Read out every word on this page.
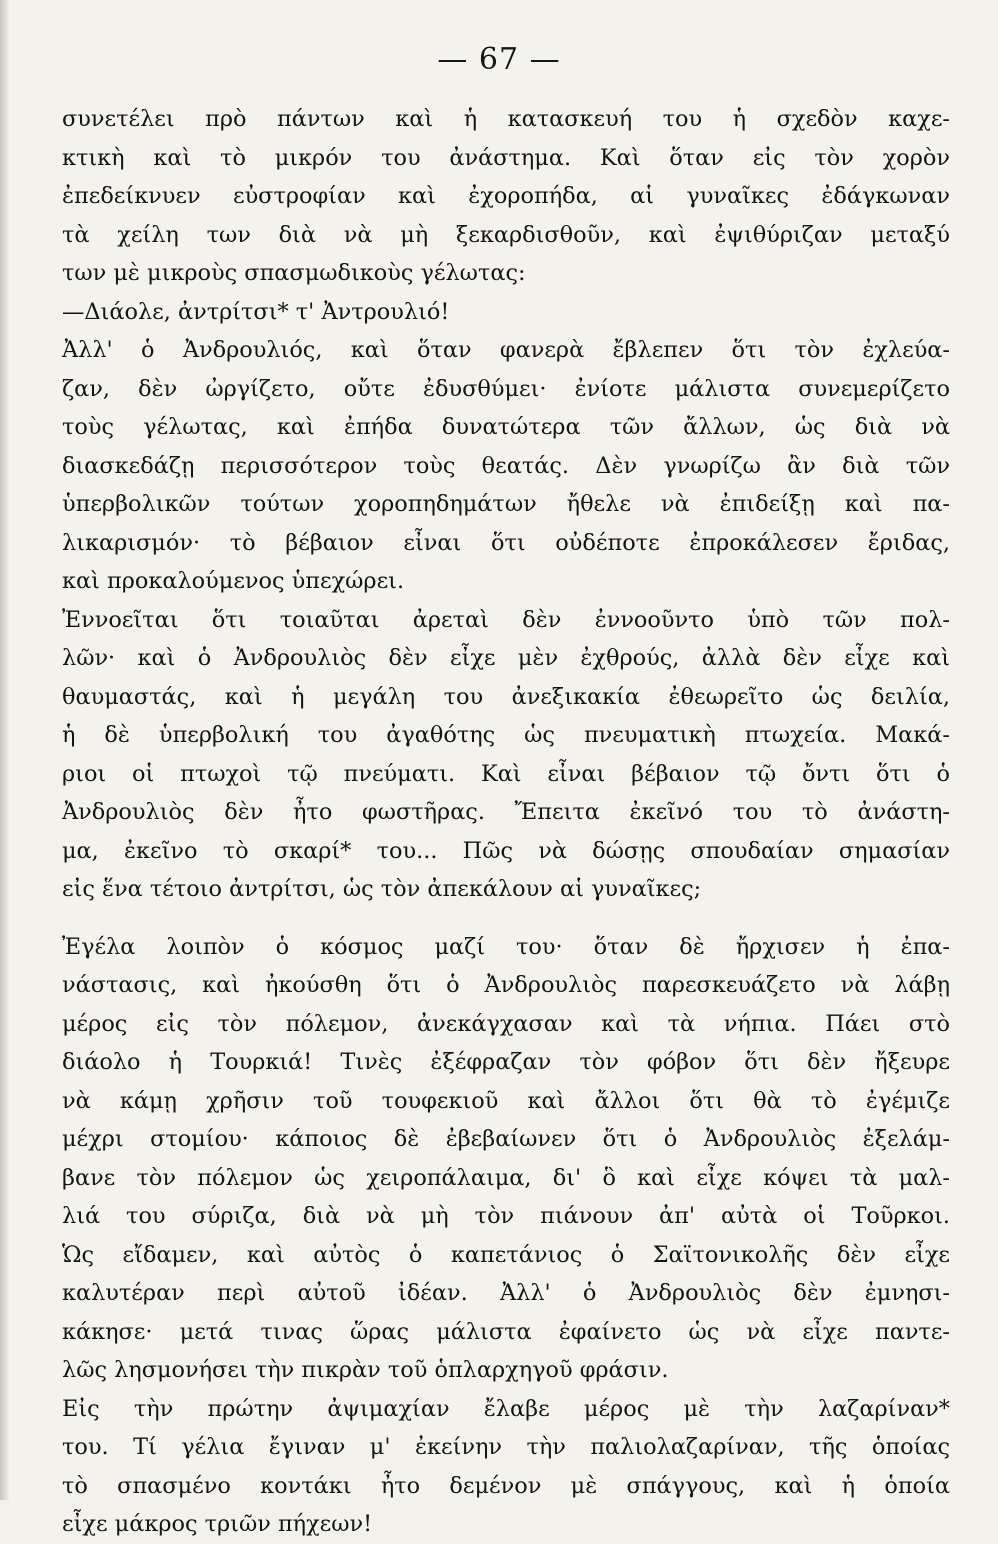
— 67 —
συνετέλει πρὸ πάντων καὶ ἡ κατασκευή του ἡ σχεδὸν καχε-
κτικὴ καὶ τὸ μικρόν του ἀνάστημα. Καὶ ὅταν εἰς τὸν χορὸν
ἐπεδείκνυεν εὐστροφίαν καὶ ἐχοροπήδα, αἱ γυναῖκες ἐδάγκωναν
τὰ χείλη των διὰ νὰ μὴ ξεκαρδισθοῦν, καὶ ἐψιθύριζαν μεταξύ
των μὲ μικροὺς σπασμωδικοὺς γέλωτας:
—Διάολε, ἀντρίτσι* τ' Ἀντρουλιό!
Ἀλλ' ὁ Ἀνδρουλιός, καὶ ὅταν φανερὰ ἔβλεπεν ὅτι τὸν ἐχλεύα-
ζαν, δὲν ὠργίζετο, οὔτε ἐδυσθύμει· ἐνίοτε μάλιστα συνεμερίζετο
τοὺς γέλωτας, καὶ ἐπήδα δυνατώτερα τῶν ἄλλων, ὡς διὰ νὰ
διασκεδάζῃ περισσότερον τοὺς θεατάς. Δὲν γνωρίζω ἂν διὰ τῶν
ὑπερβολικῶν τούτων χοροπηδημάτων ἤθελε νὰ ἐπιδείξῃ καὶ πα-
λικαρισμόν· τὸ βέβαιον εἶναι ὅτι οὐδέποτε ἐπροκάλεσεν ἔριδας,
καὶ προκαλούμενος ὑπεχώρει.
Ἐννοεῖται ὅτι τοιαῦται ἀρεταὶ δὲν ἐννοοῦντο ὑπὸ τῶν πολ-
λῶν· καὶ ὁ Ἀνδρουλιὸς δὲν εἶχε μὲν ἐχθρούς, ἀλλὰ δὲν εἶχε καὶ
θαυμαστάς, καὶ ἡ μεγάλη του ἀνεξικακία ἐθεωρεῖτο ὡς δειλία,
ἡ δὲ ὑπερβολική του ἀγαθότης ὡς πνευματικὴ πτωχεία. Μακά-
ριοι οἱ πτωχοὶ τῷ πνεύματι. Καὶ εἶναι βέβαιον τῷ ὄντι ὅτι ὁ
Ἀνδρουλιὸς δὲν ἦτο φωστῆρας. Ἔπειτα ἐκεῖνό του τὸ ἀνάστη-
μα, ἐκεῖνο τὸ σκαρί* του... Πῶς νὰ δώσῃς σπουδαίαν σημασίαν
εἰς ἕνα τέτοιο ἀντρίτσι, ὡς τὸν ἀπεκάλουν αἱ γυναῖκες;
Ἐγέλα λοιπὸν ὁ κόσμος μαζί του· ὅταν δὲ ἤρχισεν ἡ ἐπα-
νάστασις, καὶ ἠκούσθη ὅτι ὁ Ἀνδρουλιὸς παρεσκευάζετο νὰ λάβῃ
μέρος εἰς τὸν πόλεμον, ἀνεκάγχασαν καὶ τὰ νήπια. Πάει στὸ
διάολο ἡ Τουρκιά! Τινὲς ἐξέφραζαν τὸν φόβον ὅτι δὲν ἤξευρε
νὰ κάμῃ χρῆσιν τοῦ τουφεκιοῦ καὶ ἄλλοι ὅτι θὰ τὸ ἐγέμιζε
μέχρι στομίου· κάποιος δὲ ἐβεβαίωνεν ὅτι ὁ Ἀνδρουλιὸς ἐξελάμ-
βανε τὸν πόλεμον ὡς χειροπάλαιμα, δι' ὃ καὶ εἶχε κόψει τὰ μαλ-
λιά του σύριζα, διὰ νὰ μὴ τὸν πιάνουν ἀπ' αὐτὰ οἱ Τοῦρκοι.
Ὡς εἴδαμεν, καὶ αὐτὸς ὁ καπετάνιος ὁ Σαϊτονικολῆς δὲν εἶχε
καλυτέραν περὶ αὐτοῦ ἰδέαν. Ἀλλ' ὁ Ἀνδρουλιὸς δὲν ἐμνησι-
κάκησε· μετά τινας ὥρας μάλιστα ἐφαίνετο ὡς νὰ εἶχε παντε-
λῶς λησμονήσει τὴν πικρὰν τοῦ ὁπλαρχηγοῦ φράσιν.
Εἰς τὴν πρώτην ἀψιμαχίαν ἔλαβε μέρος μὲ τὴν λαζαρίναν*
του. Τί γέλια ἔγιναν μ' ἐκείνην τὴν παλιολαζαρίναν, τῆς ὁποίας
τὸ σπασμένο κοντάκι ἦτο δεμένον μὲ σπάγγους, καὶ ἡ ὁποία
εἶχε μάκρος τριῶν πήχεων!
